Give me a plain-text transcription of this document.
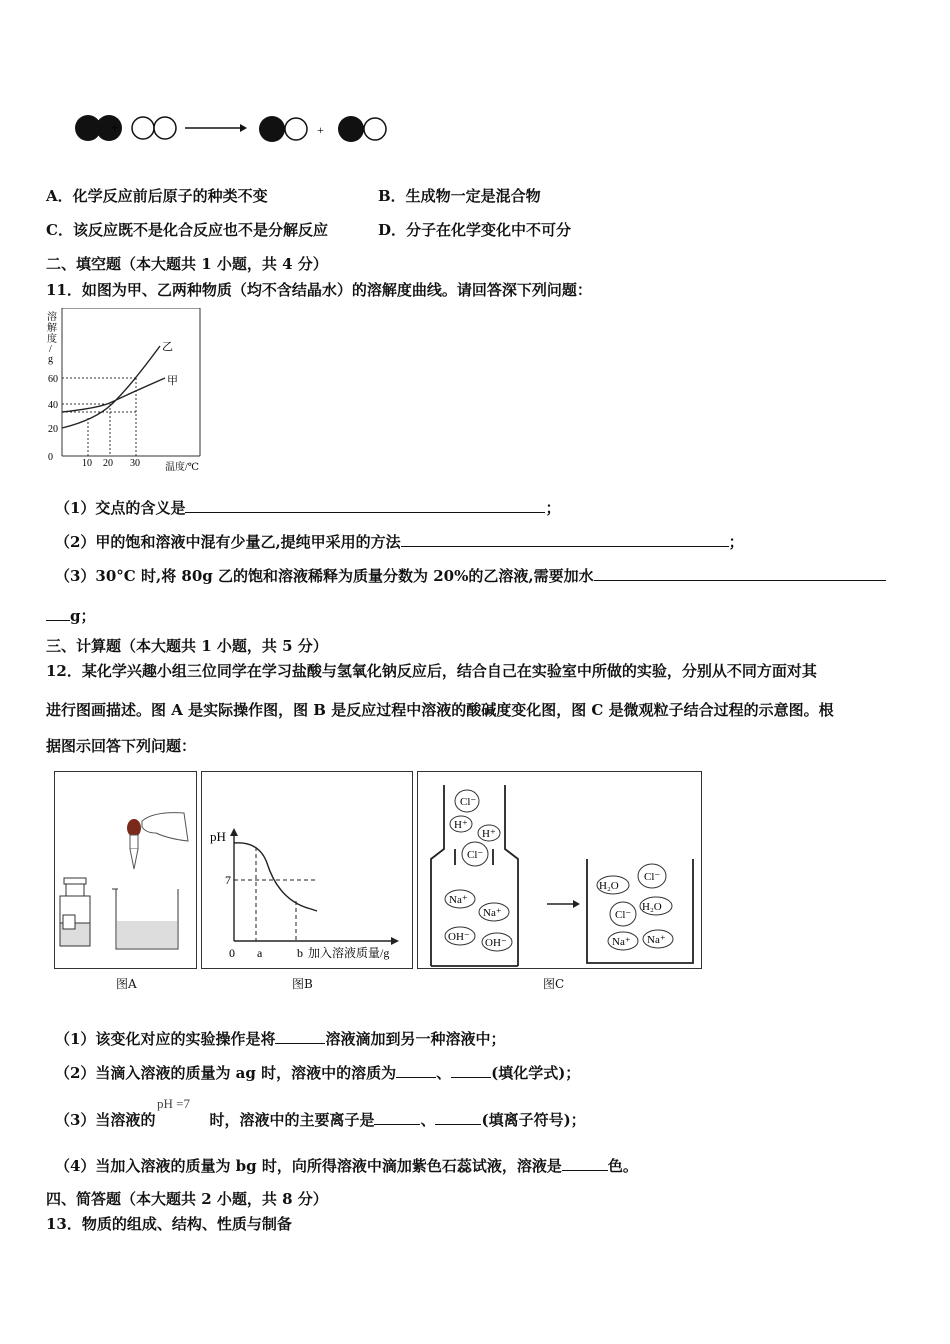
+	+
A．化学反应前后原子的种类不变	B．生成物一定是混合物
C．该反应既不是化合反应也不是分解反应	D．分子在化学变化中不可分
二、填空题（本大题共 1 小题，共 4 分）
11．如图为甲、乙两种物质（均不含结晶水）的溶解度曲线。请回答深下列问题：
溶解度/ g
0
20
40
60
10 20 30	温度/℃
乙
甲
（1）交点的含义是	；
（2）甲的饱和溶液中混有少量乙,提纯甲采用的方法	；
（3）30°C 时,将 80g 乙的饱和溶液稀释为质量分数为 20%的乙溶液,需要加水
g；
三、计算题（本大题共 1 小题，共 5 分）
12．某化学兴趣小组三位同学在学习盐酸与氢氧化钠反应后，结合自己在实验室中所做的实验，分别从不同方面对其
进行图画描述。图 A 是实际操作图，图 B 是反应过程中溶液的酸碱度变化图，图 C 是微观粒子结合过程的示意图。根
据图示回答下列问题：
图A
pH
7
0 a	b 加入溶液质量/g
图B
Cl⁻
H⁺
H⁺
Cl⁻
Na⁺
Na⁺
OH⁻ OH⁻
H₂O
Cl⁻
Cl⁻
H₂O
Na⁺ Na⁺
图C
（1）该变化对应的实验操作是将	溶液滴加到另一种溶液中；
（2）当滴入溶液的质量为 ag 时，溶液中的溶质为	、	(填化学式)；
pH =7
（3）当溶液的	时，溶液中的主要离子是	、	(填离子符号)；
（4）当加入溶液的质量为 bg 时，向所得溶液中滴加紫色石蕊试液，溶液是	色。
四、简答题（本大题共 2 小题，共 8 分）
13．物质的组成、结构、性质与制备
